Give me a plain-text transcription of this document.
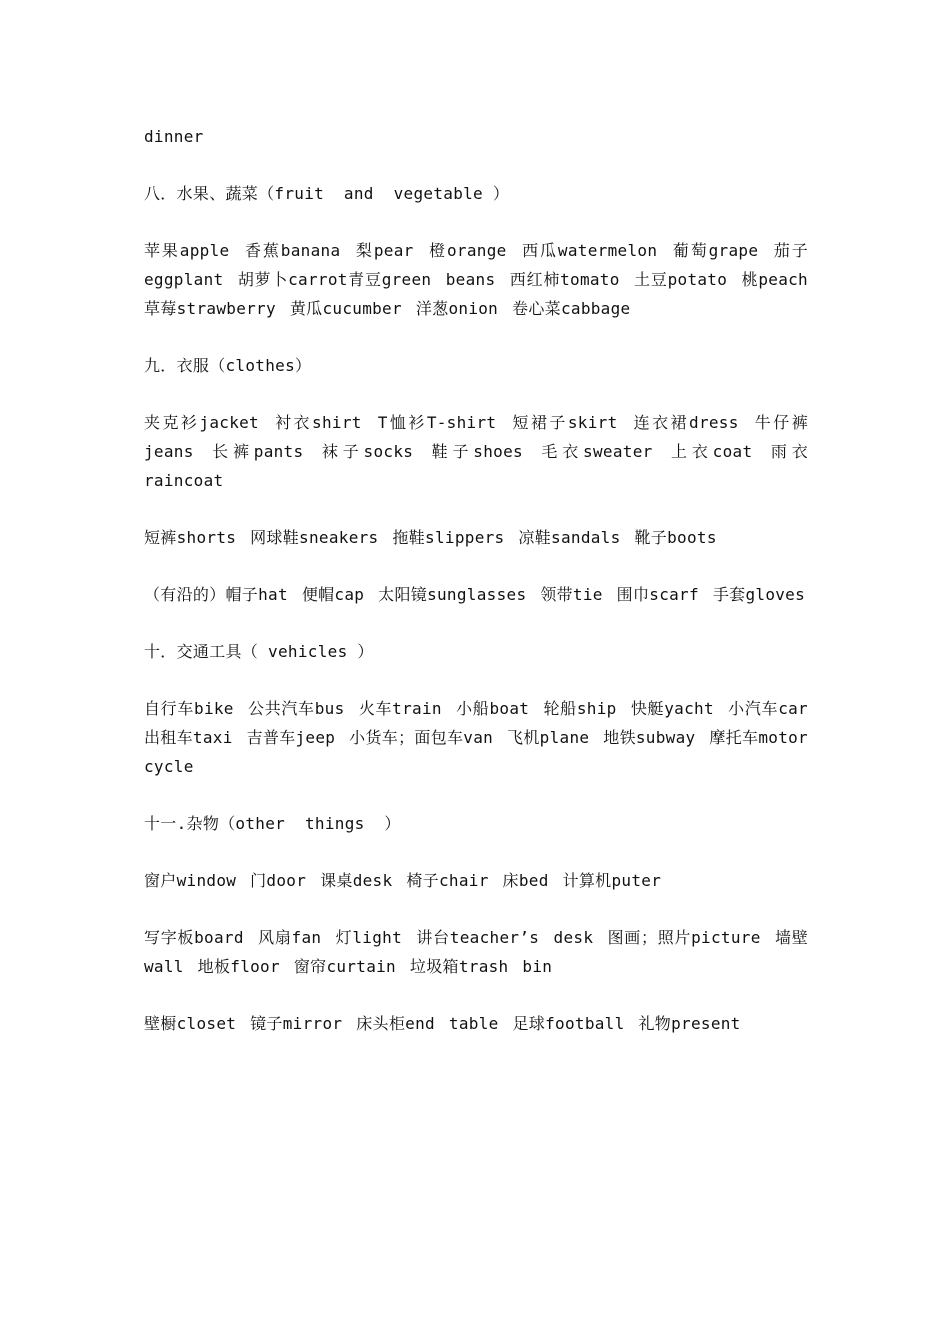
dinner
八．水果、蔬菜（fruit  and  vegetable ）
苹果apple 香蕉banana 梨pear 橙orange 西瓜watermelon 葡萄grape 茄子eggplant 胡萝卜carrot青豆green beans 西红柿tomato 土豆potato 桃peach 草莓strawberry 黄瓜cucumber 洋葱onion 卷心菜cabbage
九．衣服（clothes）
夹克衫jacket 衬衣shirt T恤衫T-shirt 短裙子skirt 连衣裙dress 牛仔裤jeans 长裤pants 袜子socks 鞋子shoes 毛衣sweater 上衣coat 雨衣raincoat
短裤shorts 网球鞋sneakers 拖鞋slippers 凉鞋sandals 靴子boots
（有沿的）帽子hat 便帽cap 太阳镜sunglasses 领带tie 围巾scarf 手套gloves
十．交通工具（ vehicles ）
自行车bike 公共汽车bus 火车train 小船boat 轮船ship 快艇yacht 小汽车car 出租车taxi 吉普车jeep 小货车；面包车van 飞机plane 地铁subway 摩托车motor cycle
十一.杂物（other  things  ）
窗户window 门door 课桌desk 椅子chair 床bed 计算机puter
写字板board 风扇fan 灯light 讲台teacher’s desk 图画；照片picture 墙壁wall 地板floor 窗帘curtain 垃圾箱trash bin
壁橱closet 镜子mirror 床头柜end table 足球football 礼物present
